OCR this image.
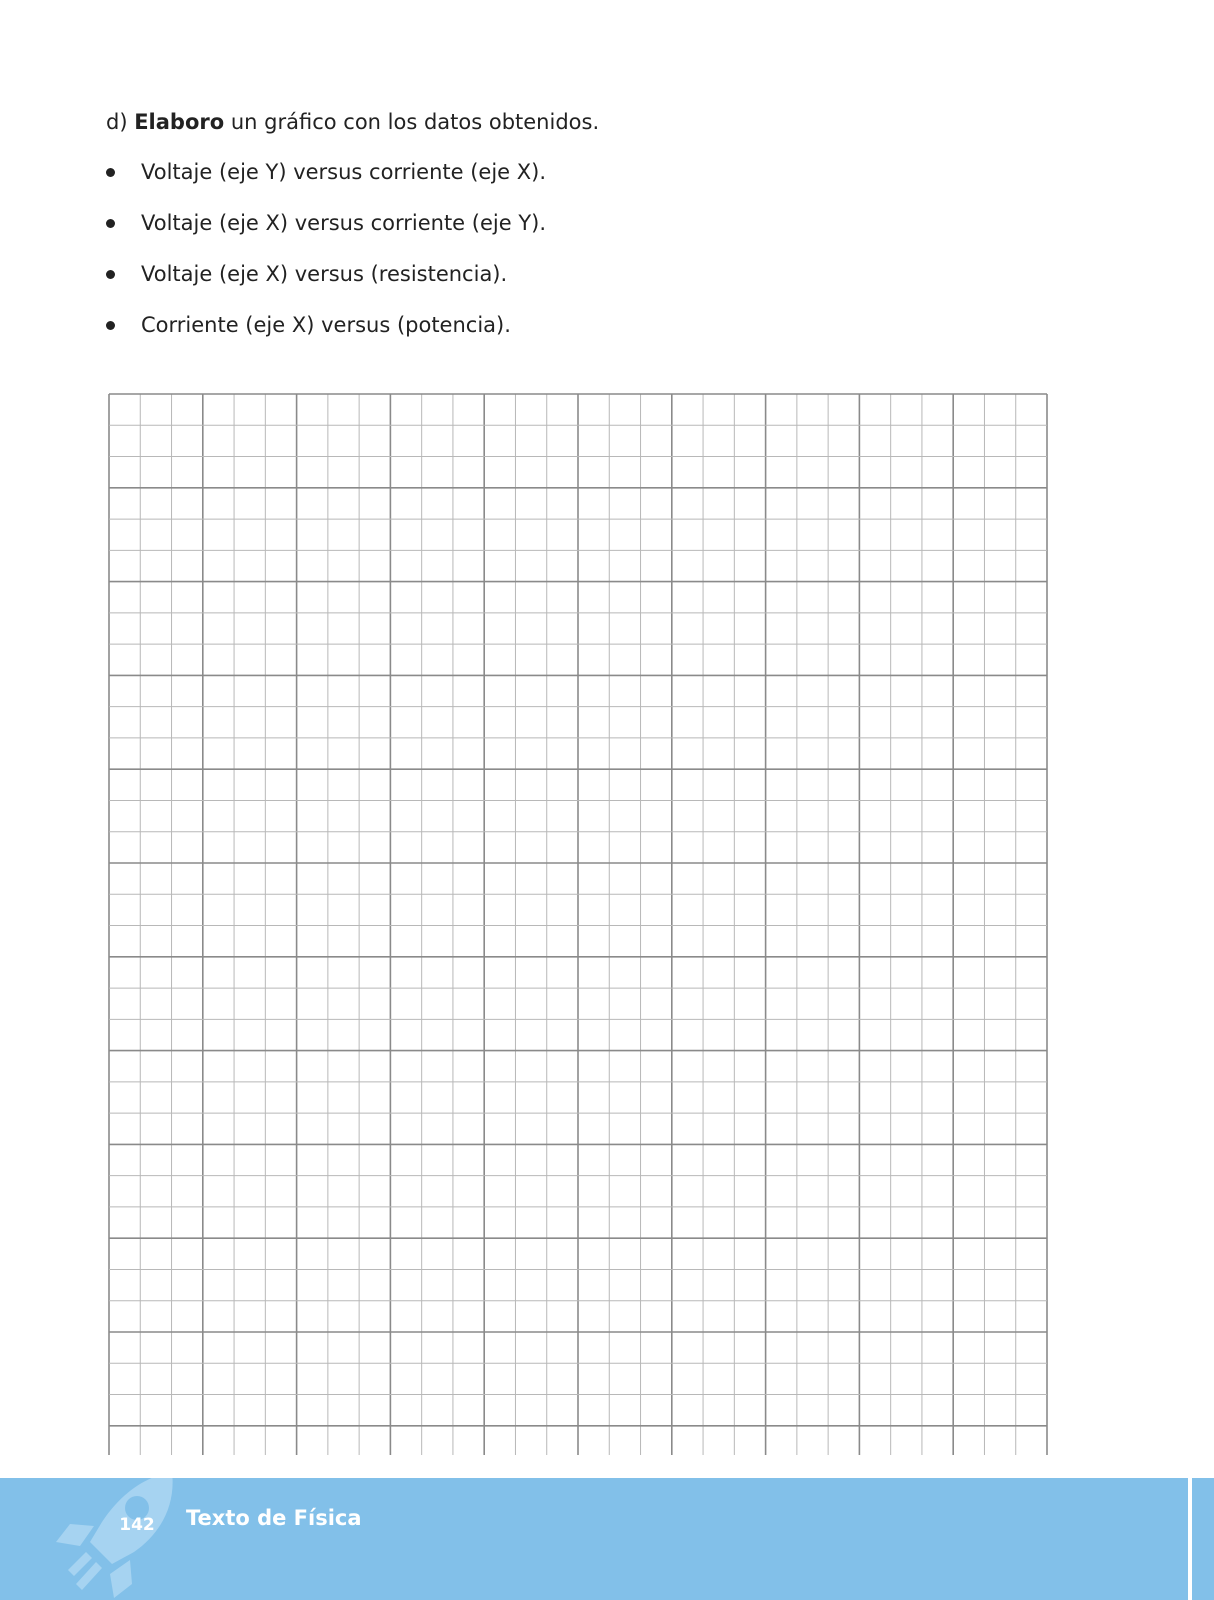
d) Elaboro un gráfico con los datos obtenidos.

Voltaje (eje Y) versus corriente (eje X).
Voltaje (eje X) versus corriente (eje Y).
Voltaje (eje X) versus (resistencia).
Corriente (eje X) versus (potencia).
142 Texto de Física
